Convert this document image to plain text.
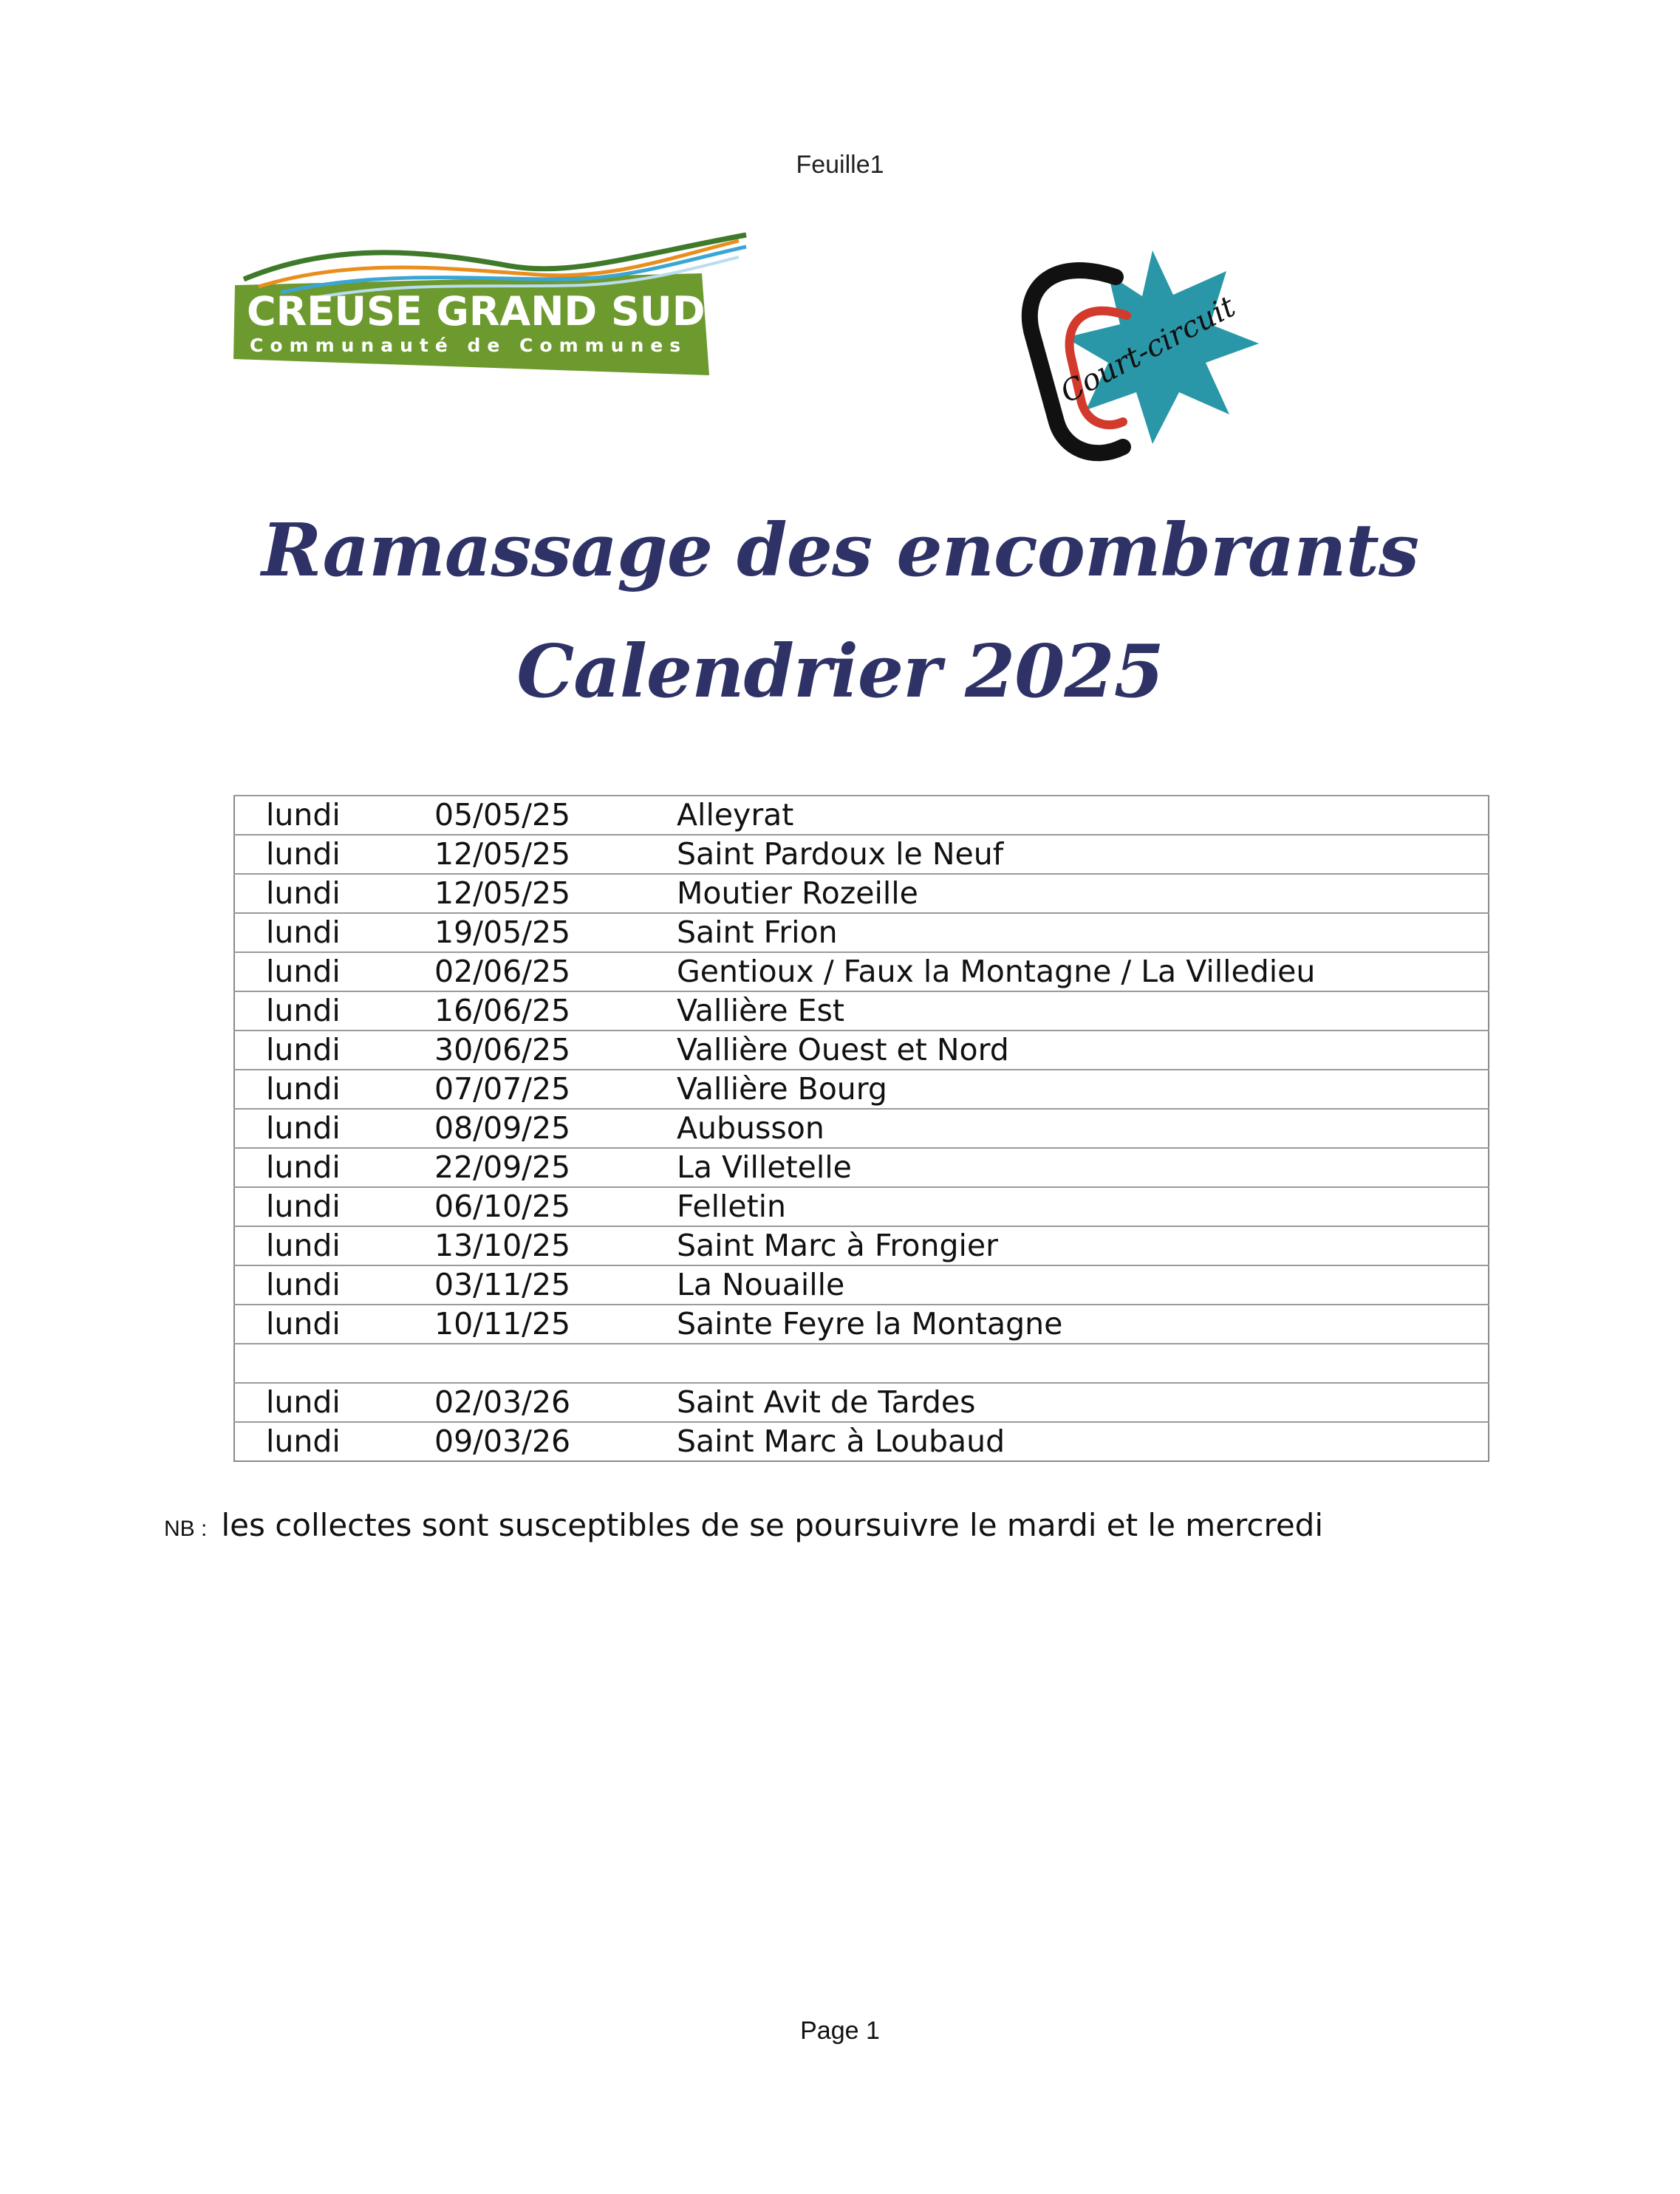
Feuille1
CREUSE GRAND SUD
Communauté de Communes	Court-circuit
Ramassage des encombrants
Calendrier 2025
lundi	05/05/25	Alleyrat
lundi	12/05/25	Saint Pardoux le Neuf
lundi	12/05/25	Moutier Rozeille
lundi	19/05/25	Saint Frion
lundi	02/06/25	Gentioux / Faux la Montagne / La Villedieu
lundi	16/06/25	Vallière Est
lundi	30/06/25	Vallière Ouest et Nord
lundi	07/07/25	Vallière Bourg
lundi	08/09/25	Aubusson
lundi	22/09/25	La Villetelle
lundi	06/10/25	Felletin
lundi	13/10/25	Saint Marc à Frongier
lundi	03/11/25	La Nouaille
lundi	10/11/25	Sainte Feyre la Montagne

lundi	02/03/26	Saint Avit de Tardes
lundi	09/03/26	Saint Marc à Loubaud
NB : les collectes sont susceptibles de se poursuivre le mardi et le mercredi
Page 1
